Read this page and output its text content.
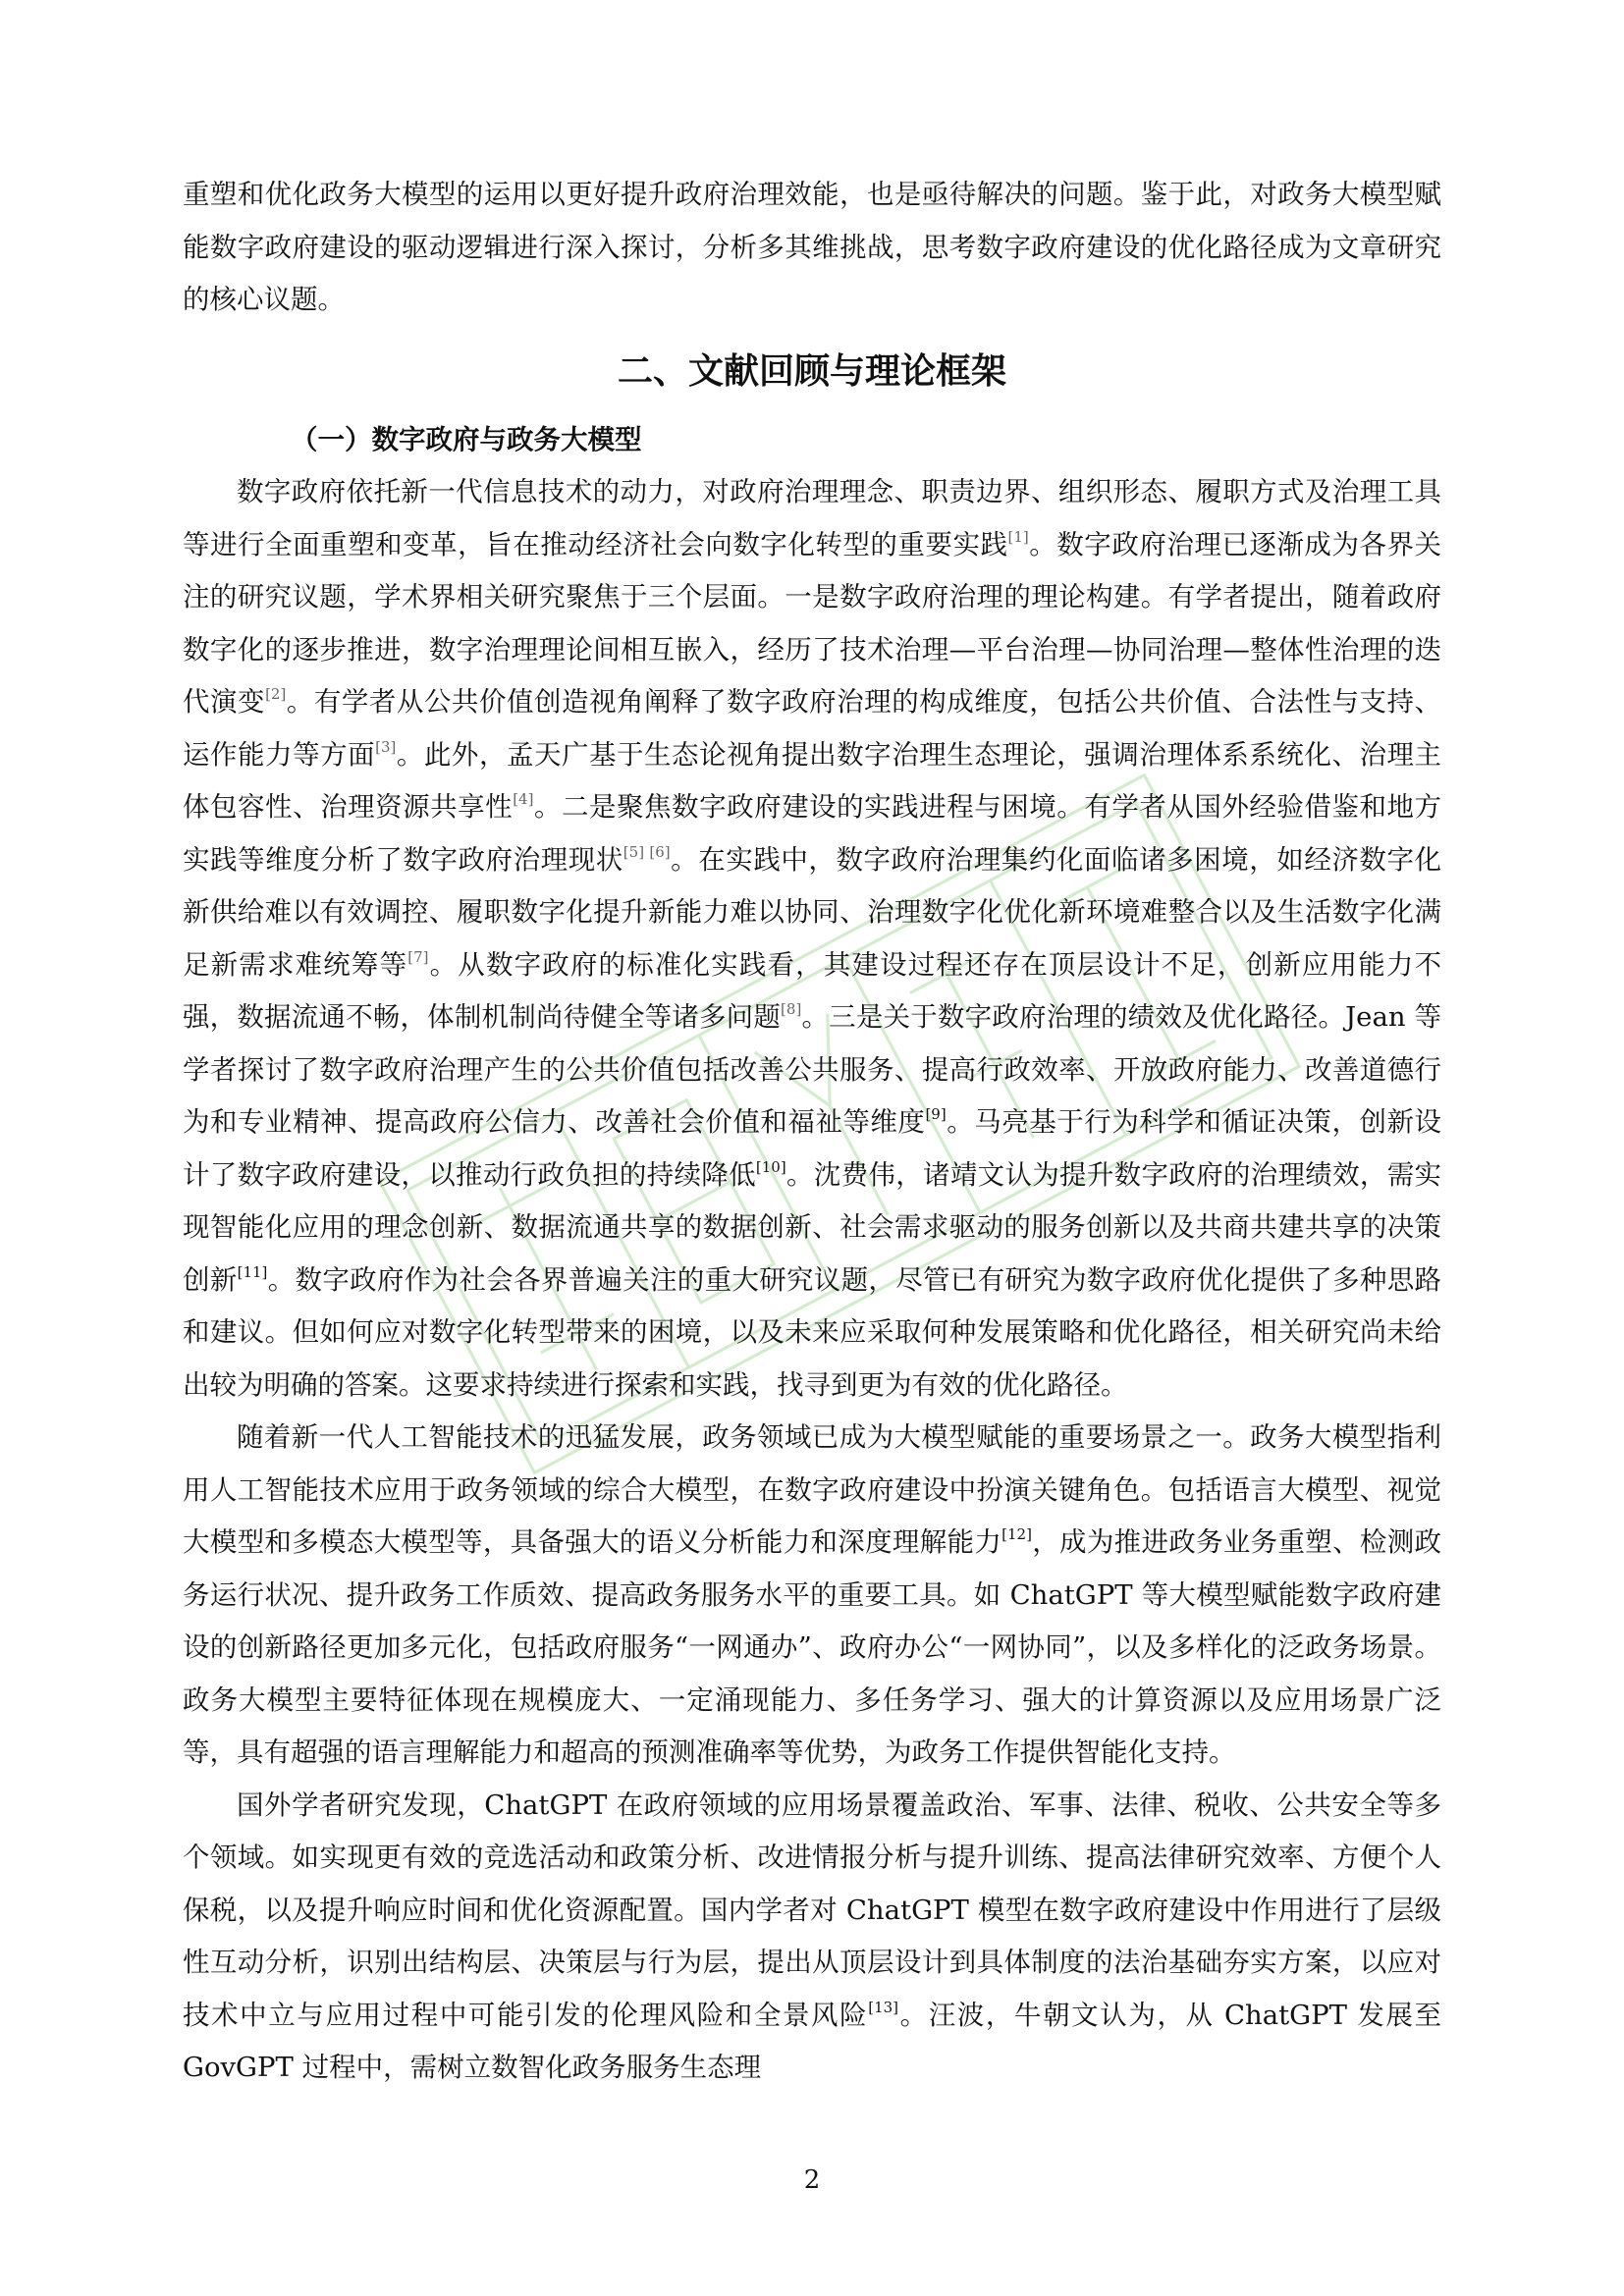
重塑和优化政务大模型的运用以更好提升政府治理效能，也是亟待解决的问题。鉴于此，对政务大模型赋能数字政府建设的驱动逻辑进行深入探讨，分析多其维挑战，思考数字政府建设的优化路径成为文章研究的核心议题。

二、文献回顾与理论框架
（一）数字政府与政务大模型

数字政府依托新一代信息技术的动力，对政府治理理念、职责边界、组织形态、履职方式及治理工具等进行全面重塑和变革，旨在推动经济社会向数字化转型的重要实践[1]。数字政府治理已逐渐成为各界关注的研究议题，学术界相关研究聚焦于三个层面。一是数字政府治理的理论构建。有学者提出，随着政府数字化的逐步推进，数字治理理论间相互嵌入，经历了技术治理—平台治理—协同治理—整体性治理的迭代演变[2]。有学者从公共价值创造视角阐释了数字政府治理的构成维度，包括公共价值、合法性与支持、运作能力等方面[3]。此外，孟天广基于生态论视角提出数字治理生态理论，强调治理体系系统化、治理主体包容性、治理资源共享性[4]。二是聚焦数字政府建设的实践进程与困境。有学者从国外经验借鉴和地方实践等维度分析了数字政府治理现状[5] [6]。在实践中，数字政府治理集约化面临诸多困境，如经济数字化新供给难以有效调控、履职数字化提升新能力难以协同、治理数字化优化新环境难整合以及生活数字化满足新需求难统筹等[7]。从数字政府的标准化实践看，其建设过程还存在顶层设计不足，创新应用能力不强，数据流通不畅，体制机制尚待健全等诸多问题[8]。三是关于数字政府治理的绩效及优化路径。Jean 等学者探讨了数字政府治理产生的公共价值包括改善公共服务、提高行政效率、开放政府能力、改善道德行为和专业精神、提高政府公信力、改善社会价值和福祉等维度[9]。马亮基于行为科学和循证决策，创新设计了数字政府建设，以推动行政负担的持续降低[10]。沈费伟，诸靖文认为提升数字政府的治理绩效，需实现智能化应用的理念创新、数据流通共享的数据创新、社会需求驱动的服务创新以及共商共建共享的决策创新[11]。数字政府作为社会各界普遍关注的重大研究议题，尽管已有研究为数字政府优化提供了多种思路和建议。但如何应对数字化转型带来的困境，以及未来应采取何种发展策略和优化路径，相关研究尚未给出较为明确的答案。这要求持续进行探索和实践，找寻到更为有效的优化路径。

随着新一代人工智能技术的迅猛发展，政务领域已成为大模型赋能的重要场景之一。政务大模型指利用人工智能技术应用于政务领域的综合大模型，在数字政府建设中扮演关键角色。包括语言大模型、视觉大模型和多模态大模型等，具备强大的语义分析能力和深度理解能力[12]，成为推进政务业务重塑、检测政务运行状况、提升政务工作质效、提高政务服务水平的重要工具。如 ChatGPT 等大模型赋能数字政府建设的创新路径更加多元化，包括政府服务“一网通办”、政府办公“一网协同”，以及多样化的泛政务场景。政务大模型主要特征体现在规模庞大、一定涌现能力、多任务学习、强大的计算资源以及应用场景广泛等，具有超强的语言理解能力和超高的预测准确率等优势，为政务工作提供智能化支持。

国外学者研究发现，ChatGPT 在政府领域的应用场景覆盖政治、军事、法律、税收、公共安全等多个领域。如实现更有效的竞选活动和政策分析、改进情报分析与提升训练、提高法律研究效率、方便个人保税，以及提升响应时间和优化资源配置。国内学者对 ChatGPT 模型在数字政府建设中作用进行了层级性互动分析，识别出结构层、决策层与行为层，提出从顶层设计到具体制度的法治基础夯实方案，以应对技术中立与应用过程中可能引发的伦理风险和全景风险[13]。汪波，牛朝文认为，从 ChatGPT 发展至 GovGPT 过程中，需树立数智化政务服务生态理

2
